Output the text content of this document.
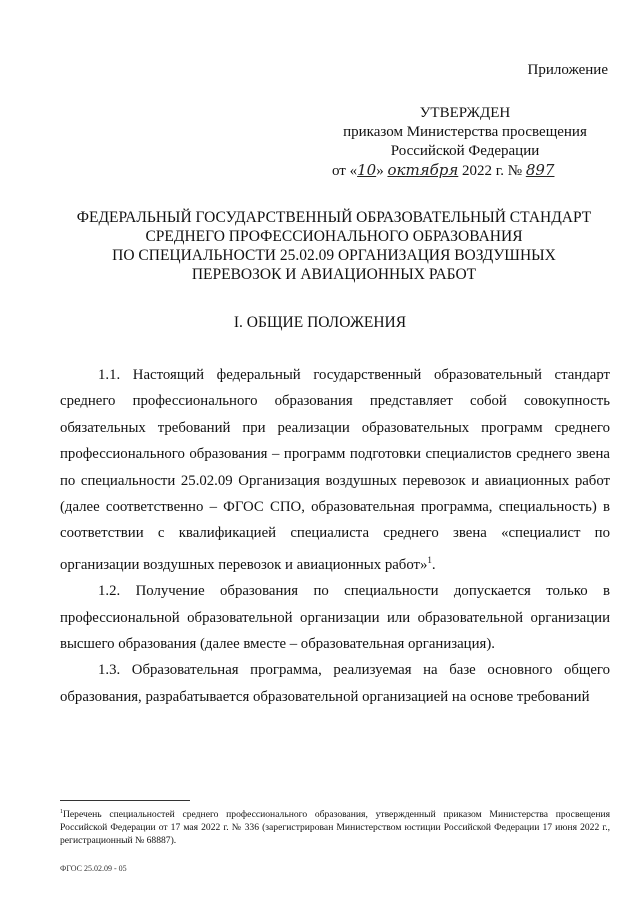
Приложение
УТВЕРЖДЕН
приказом Министерства просвещения
Российской Федерации
от «10» октября 2022 г. № 897
ФЕДЕРАЛЬНЫЙ ГОСУДАРСТВЕННЫЙ ОБРАЗОВАТЕЛЬНЫЙ СТАНДАРТ
СРЕДНЕГО ПРОФЕССИОНАЛЬНОГО ОБРАЗОВАНИЯ
ПО СПЕЦИАЛЬНОСТИ 25.02.09 ОРГАНИЗАЦИЯ ВОЗДУШНЫХ
ПЕРЕВОЗОК И АВИАЦИОННЫХ РАБОТ
I. ОБЩИЕ ПОЛОЖЕНИЯ

1.1. Настоящий федеральный государственный образовательный стандарт среднего профессионального образования представляет собой совокупность обязательных требований при реализации образовательных программ среднего профессионального образования – программ подготовки специалистов среднего звена по специальности 25.02.09 Организация воздушных перевозок и авиационных работ (далее соответственно – ФГОС СПО, образовательная программа, специальность) в соответствии с квалификацией специалиста среднего звена «специалист по организации воздушных перевозок и авиационных работ»$^1$.

1.2. Получение образования по специальности допускается только в профессиональной образовательной организации или образовательной организации высшего образования (далее вместе – образовательная организация).

1.3. Образовательная программа, реализуемая на базе основного общего образования, разрабатывается образовательной организацией на основе требований

$^1$Перечень специальностей среднего профессионального образования, утвержденный приказом Министерства просвещения Российской Федерации от 17 мая 2022 г. № 336 (зарегистрирован Министерством юстиции Российской Федерации 17 июня 2022 г., регистрационный № 68887).
ФГОС 25.02.09 - 05
